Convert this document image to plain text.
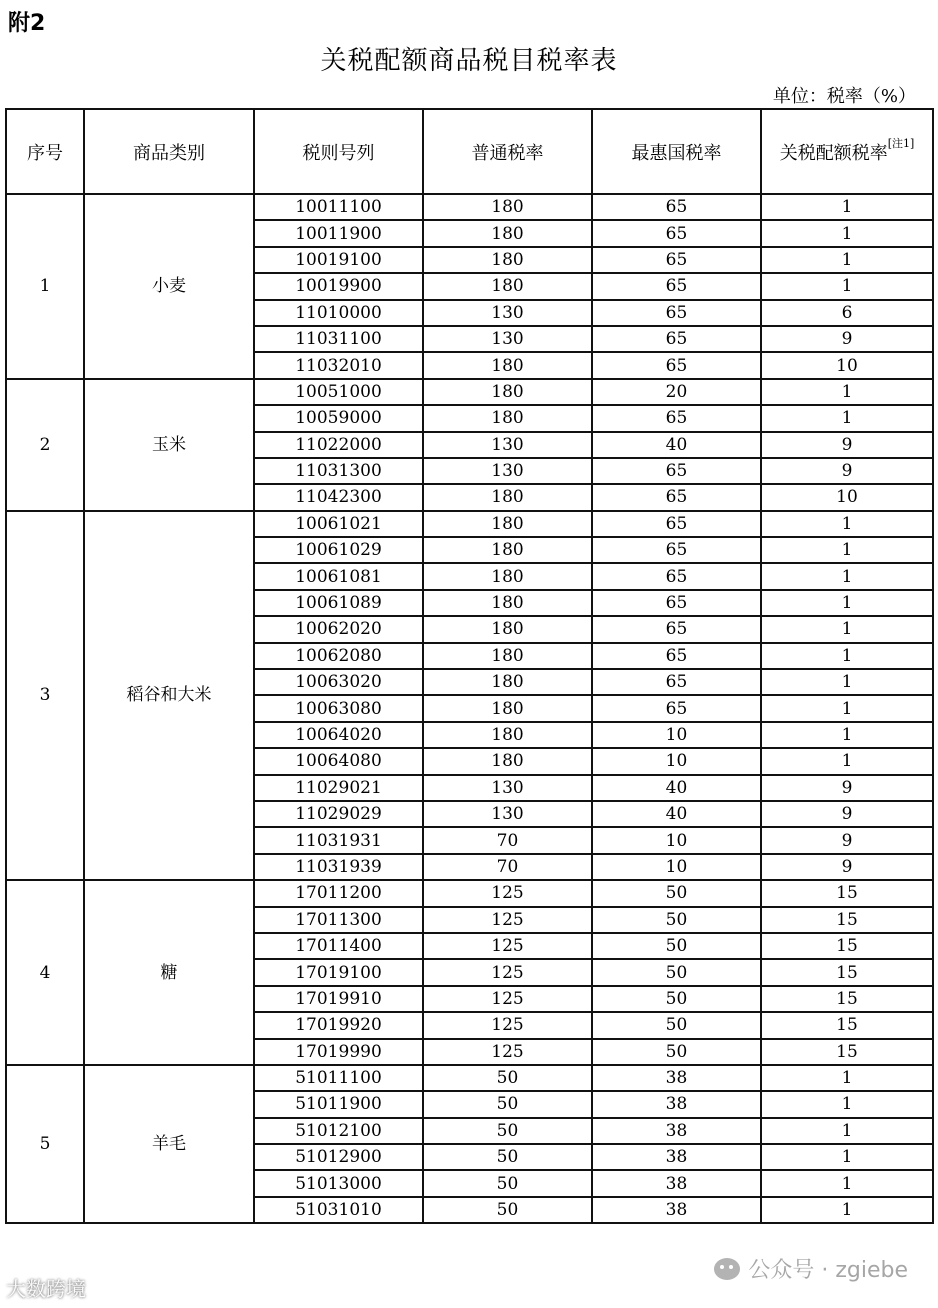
附2
关税配额商品税目税率表
单位：税率（%）
序号	商品类别	税则号列	普通税率	最惠国税率	关税配额税率[注1]
1	小麦	10011100	180	65	1
		10011900	180	65	1
		10019100	180	65	1
		10019900	180	65	1
		11010000	130	65	6
		11031100	130	65	9
		11032010	180	65	10
2	玉米	10051000	180	20	1
		10059000	180	65	1
		11022000	130	40	9
		11031300	130	65	9
		11042300	180	65	10
3	稻谷和大米	10061021	180	65	1
		10061029	180	65	1
		10061081	180	65	1
		10061089	180	65	1
		10062020	180	65	1
		10062080	180	65	1
		10063020	180	65	1
		10063080	180	65	1
		10064020	180	10	1
		10064080	180	10	1
		11029021	130	40	9
		11029029	130	40	9
		11031931	70	10	9
		11031939	70	10	9
4	糖	17011200	125	50	15
		17011300	125	50	15
		17011400	125	50	15
		17019100	125	50	15
		17019910	125	50	15
		17019920	125	50	15
		17019990	125	50	15
5	羊毛	51011100	50	38	1
		51011900	50	38	1
		51012100	50	38	1
		51012900	50	38	1
		51013000	50	38	1
		51031010	50	38	1
大数跨境
公众号 · zgiebe
